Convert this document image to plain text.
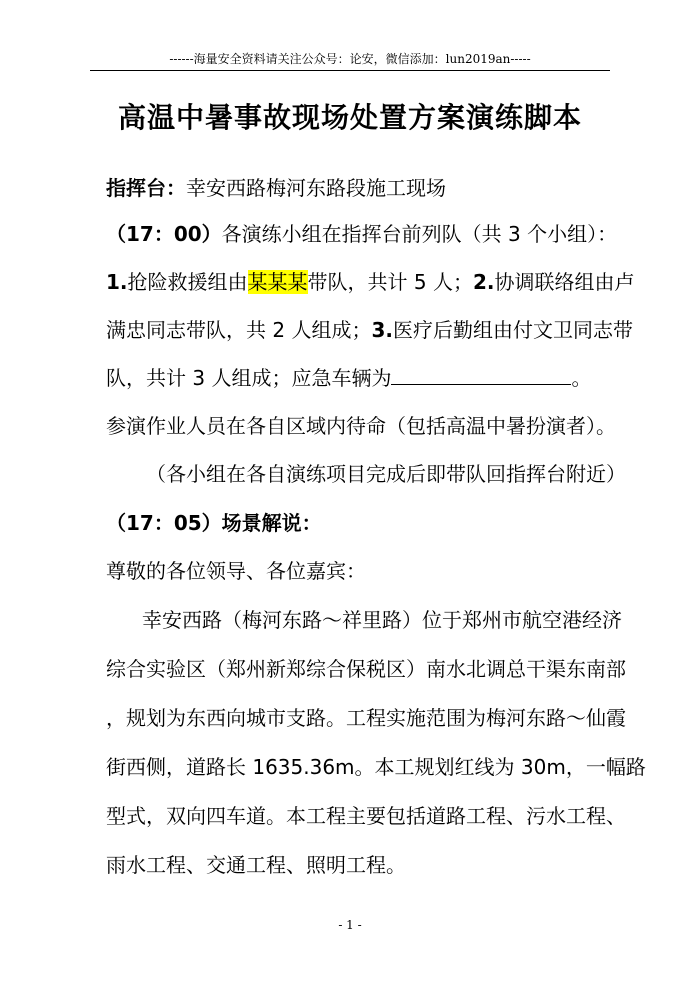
------海量安全资料请关注公众号：论安，微信添加：lun2019an-----
高温中暑事故现场处置方案演练脚本
指挥台：幸安西路梅河东路段施工现场
（17：00）各演练小组在指挥台前列队（共 3 个小组）：
1.抢险救援组由某某某带队，共计 5 人；2.协调联络组由卢
满忠同志带队，共 2 人组成；3.医疗后勤组由付文卫同志带
队，共计 3 人组成；应急车辆为	。
参演作业人员在各自区域内待命（包括高温中暑扮演者）。
（各小组在各自演练项目完成后即带队回指挥台附近）
（17：05）场景解说：
尊敬的各位领导、各位嘉宾：
幸安西路（梅河东路～祥里路）位于郑州市航空港经济
综合实验区（郑州新郑综合保税区）南水北调总干渠东南部
，规划为东西向城市支路。工程实施范围为梅河东路～仙霞
街西侧，道路长 1635.36m。本工规划红线为 30m，一幅路
型式，双向四车道。本工程主要包括道路工程、污水工程、
雨水工程、交通工程、照明工程。
- 1 -
